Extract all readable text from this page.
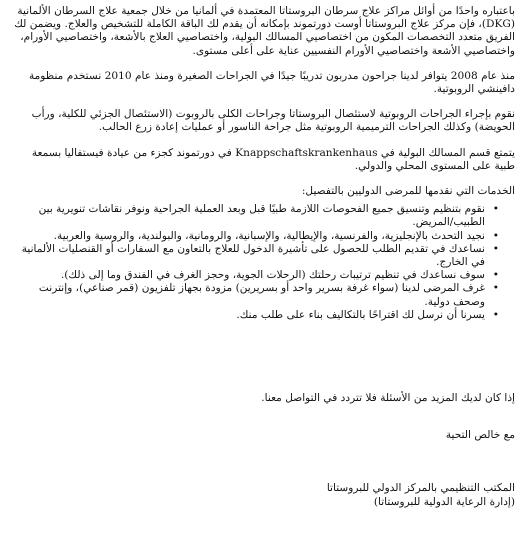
باعتباره واحدًا من أوائل مراكز علاج سرطان البروستاتا المعتمدة في ألمانيا من خلال جمعية علاج السرطان الألمانية (DKG)، فإن مركز علاج البروستاتا أوست دورتموند بإمكانه أن يقدم لك الباقة الكاملة للتشخيص والعلاج. ويضمن لك الفريق متعدد التخصصات المكون من اختصاصيي المسالك البولية، واختصاصيي العلاج بالأشعة، واختصاصيي الأورام، واختصاصيي الأشعة واختصاصيي الأورام النفسيين عناية على أعلى مستوى.

منذ عام 2008 يتوافر لدينا جراحون مدربون تدريبًا جيدًا في الجراحات الصغيرة ومنذ عام 2010 نستخدم منظومة دافينشي الروبوتية.

نقوم بإجراء الجراحات الروبوتية لاستئصال البروستاتا وجراحات الكلى بالروبوت (الاستئصال الجزئي للكلية، ورأب الحويضة) وكذلك الجراحات الترميمية الروبوتية مثل جراحة الناسور أو عمليات إعادة زرع الحالب.

يتمتع قسم المسالك البولية في Knappschaftskrankenhaus في دورتموند كجزء من عيادة فيستفاليا بسمعة طبية على المستوى المحلي والدولي.

الخدمات التي نقدمها للمرضى الدوليين بالتفصيل:

• نقوم بتنظيم وتنسيق جميع الفحوصات اللازمة طبيًا قبل وبعد العملية الجراحية ونوفر نقاشات تنويرية بين الطبيب/المريض.
• نجيد التحدث بالإنجليزية، والفرنسية، والإيطالية، والإسبانية، والرومانية، والبولندية، والروسية والعربية.
• نساعدك في تقديم الطلب للحصول على تأشيرة الدخول للعلاج بالتعاون مع السفارات أو القنصليات الألمانية في الخارج.
• سوف نساعدك في تنظيم ترتيبات رحلتك (الرحلات الجوية، وحجز الغرف في الفندق وما إلى ذلك).
• غرف المرضى لدينا (سواء غرفة بسرير واحد أو بسريرين) مزودة بجهاز تلفزيون (قمر صناعي)، وإنترنت وصحف دولية.
• يسرنا أن نرسل لك اقتراحًا بالتكاليف بناء على طلب منك.

إذا كان لديك المزيد من الأسئلة فلا تتردد في التواصل معنا.

مع خالص التحية

المكتب التنظيمي بالمركز الدولي للبروستاتا

(إدارة الرعاية الدولية للبروستاتا)
